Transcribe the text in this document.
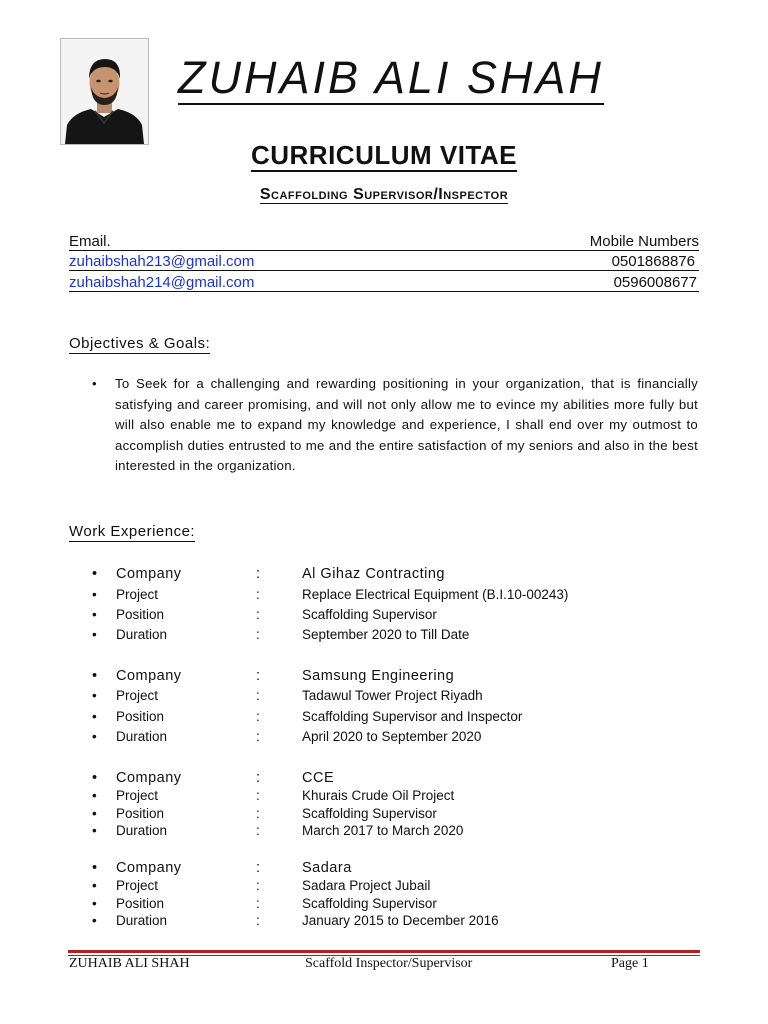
ZUHAIB ALI SHAH
CURRICULUM VITAE
Scaffolding Supervisor/Inspector
Email.	Mobile Numbers
zuhaibshah213@gmail.com	0501868876
zuhaibshah214@gmail.com	0596008677
Objectives & Goals:
• To Seek for a challenging and rewarding positioning in your organization, that is financially satisfying and career promising, and will not only allow me to evince my abilities more fully but will also enable me to expand my knowledge and experience, I shall end over my outmost to accomplish duties entrusted to me and the entire satisfaction of my seniors and also in the best interested in the organization.
Work Experience:
• Company	:	Al Gihaz Contracting
• Project	:	Replace Electrical Equipment (B.I.10-00243)
• Position	:	Scaffolding Supervisor
• Duration	:	September 2020 to Till Date
• Company	:	Samsung Engineering
• Project	:	Tadawul Tower Project Riyadh
• Position	:	Scaffolding Supervisor and Inspector
• Duration	:	April 2020 to September 2020
• Company	:	CCE
• Project	:	Khurais Crude Oil Project
• Position	:	Scaffolding Supervisor
• Duration	:	March 2017 to March 2020
• Company	:	Sadara
• Project	:	Sadara Project Jubail
• Position	:	Scaffolding Supervisor
• Duration	:	January 2015 to December 2016
ZUHAIB ALI SHAH	Scaffold Inspector/Supervisor	Page 1
